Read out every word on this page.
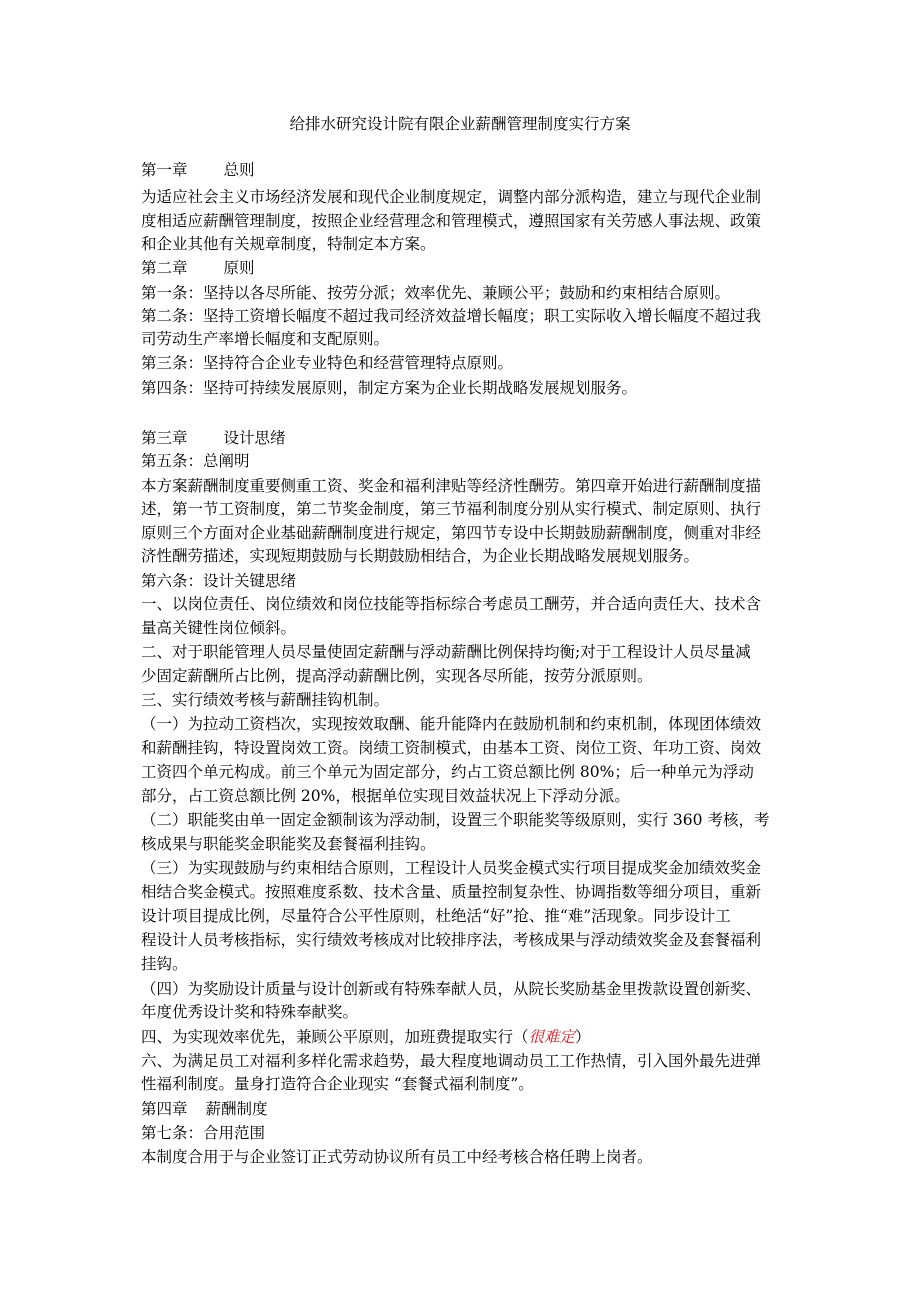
给排水研究设计院有限企业薪酬管理制度实行方案
第一章 总则
为适应社会主义市场经济发展和现代企业制度规定，调整内部分派构造，建立与现代企业制
度相适应薪酬管理制度，按照企业经营理念和管理模式，遵照国家有关劳感人事法规、政策
和企业其他有关规章制度，特制定本方案。
第二章 原则
第一条：坚持以各尽所能、按劳分派；效率优先、兼顾公平；鼓励和约束相结合原则。
第二条：坚持工资增长幅度不超过我司经济效益增长幅度；职工实际收入增长幅度不超过我
司劳动生产率增长幅度和支配原则。
第三条：坚持符合企业专业特色和经营管理特点原则。
第四条：坚持可持续发展原则，制定方案为企业长期战略发展规划服务。
第三章 设计思绪
第五条：总阐明
本方案薪酬制度重要侧重工资、奖金和福利津贴等经济性酬劳。第四章开始进行薪酬制度描
述，第一节工资制度，第二节奖金制度，第三节福利制度分别从实行模式、制定原则、执行
原则三个方面对企业基础薪酬制度进行规定，第四节专设中长期鼓励薪酬制度，侧重对非经
济性酬劳描述，实现短期鼓励与长期鼓励相结合，为企业长期战略发展规划服务。
第六条：设计关键思绪
一、以岗位责任、岗位绩效和岗位技能等指标综合考虑员工酬劳，并合适向责任大、技术含
量高关键性岗位倾斜。
二、对于职能管理人员尽量使固定薪酬与浮动薪酬比例保持均衡;对于工程设计人员尽量减
少固定薪酬所占比例，提高浮动薪酬比例，实现各尽所能，按劳分派原则。
三、实行绩效考核与薪酬挂钩机制。
（一）为拉动工资档次，实现按效取酬、能升能降内在鼓励机制和约束机制，体现团体绩效
和薪酬挂钩，特设置岗效工资。岗绩工资制模式，由基本工资、岗位工资、年功工资、岗效
工资四个单元构成。前三个单元为固定部分，约占工资总额比例 80%；后一种单元为浮动
部分，占工资总额比例 20%，根据单位实现目效益状况上下浮动分派。
（二）职能奖由单一固定金额制该为浮动制，设置三个职能奖等级原则，实行 360 考核，考
核成果与职能奖金职能奖及套餐福利挂钩。
（三）为实现鼓励与约束相结合原则，工程设计人员奖金模式实行项目提成奖金加绩效奖金
相结合奖金模式。按照难度系数、技术含量、质量控制复杂性、协调指数等细分项目，重新
设计项目提成比例，尽量符合公平性原则，杜绝活“好”抢、推“难”活现象。同步设计工
程设计人员考核指标，实行绩效考核成对比较排序法，考核成果与浮动绩效奖金及套餐福利
挂钩。
（四）为奖励设计质量与设计创新或有特殊奉献人员，从院长奖励基金里拨款设置创新奖、
年度优秀设计奖和特殊奉献奖。
四、为实现效率优先，兼顾公平原则，加班费提取实行（很难定）
六、为满足员工对福利多样化需求趋势，最大程度地调动员工工作热情，引入国外最先进弹
性福利制度。量身打造符合企业现实 “套餐式福利制度”。
第四章 薪酬制度
第七条：合用范围
本制度合用于与企业签订正式劳动协议所有员工中经考核合格任聘上岗者。
